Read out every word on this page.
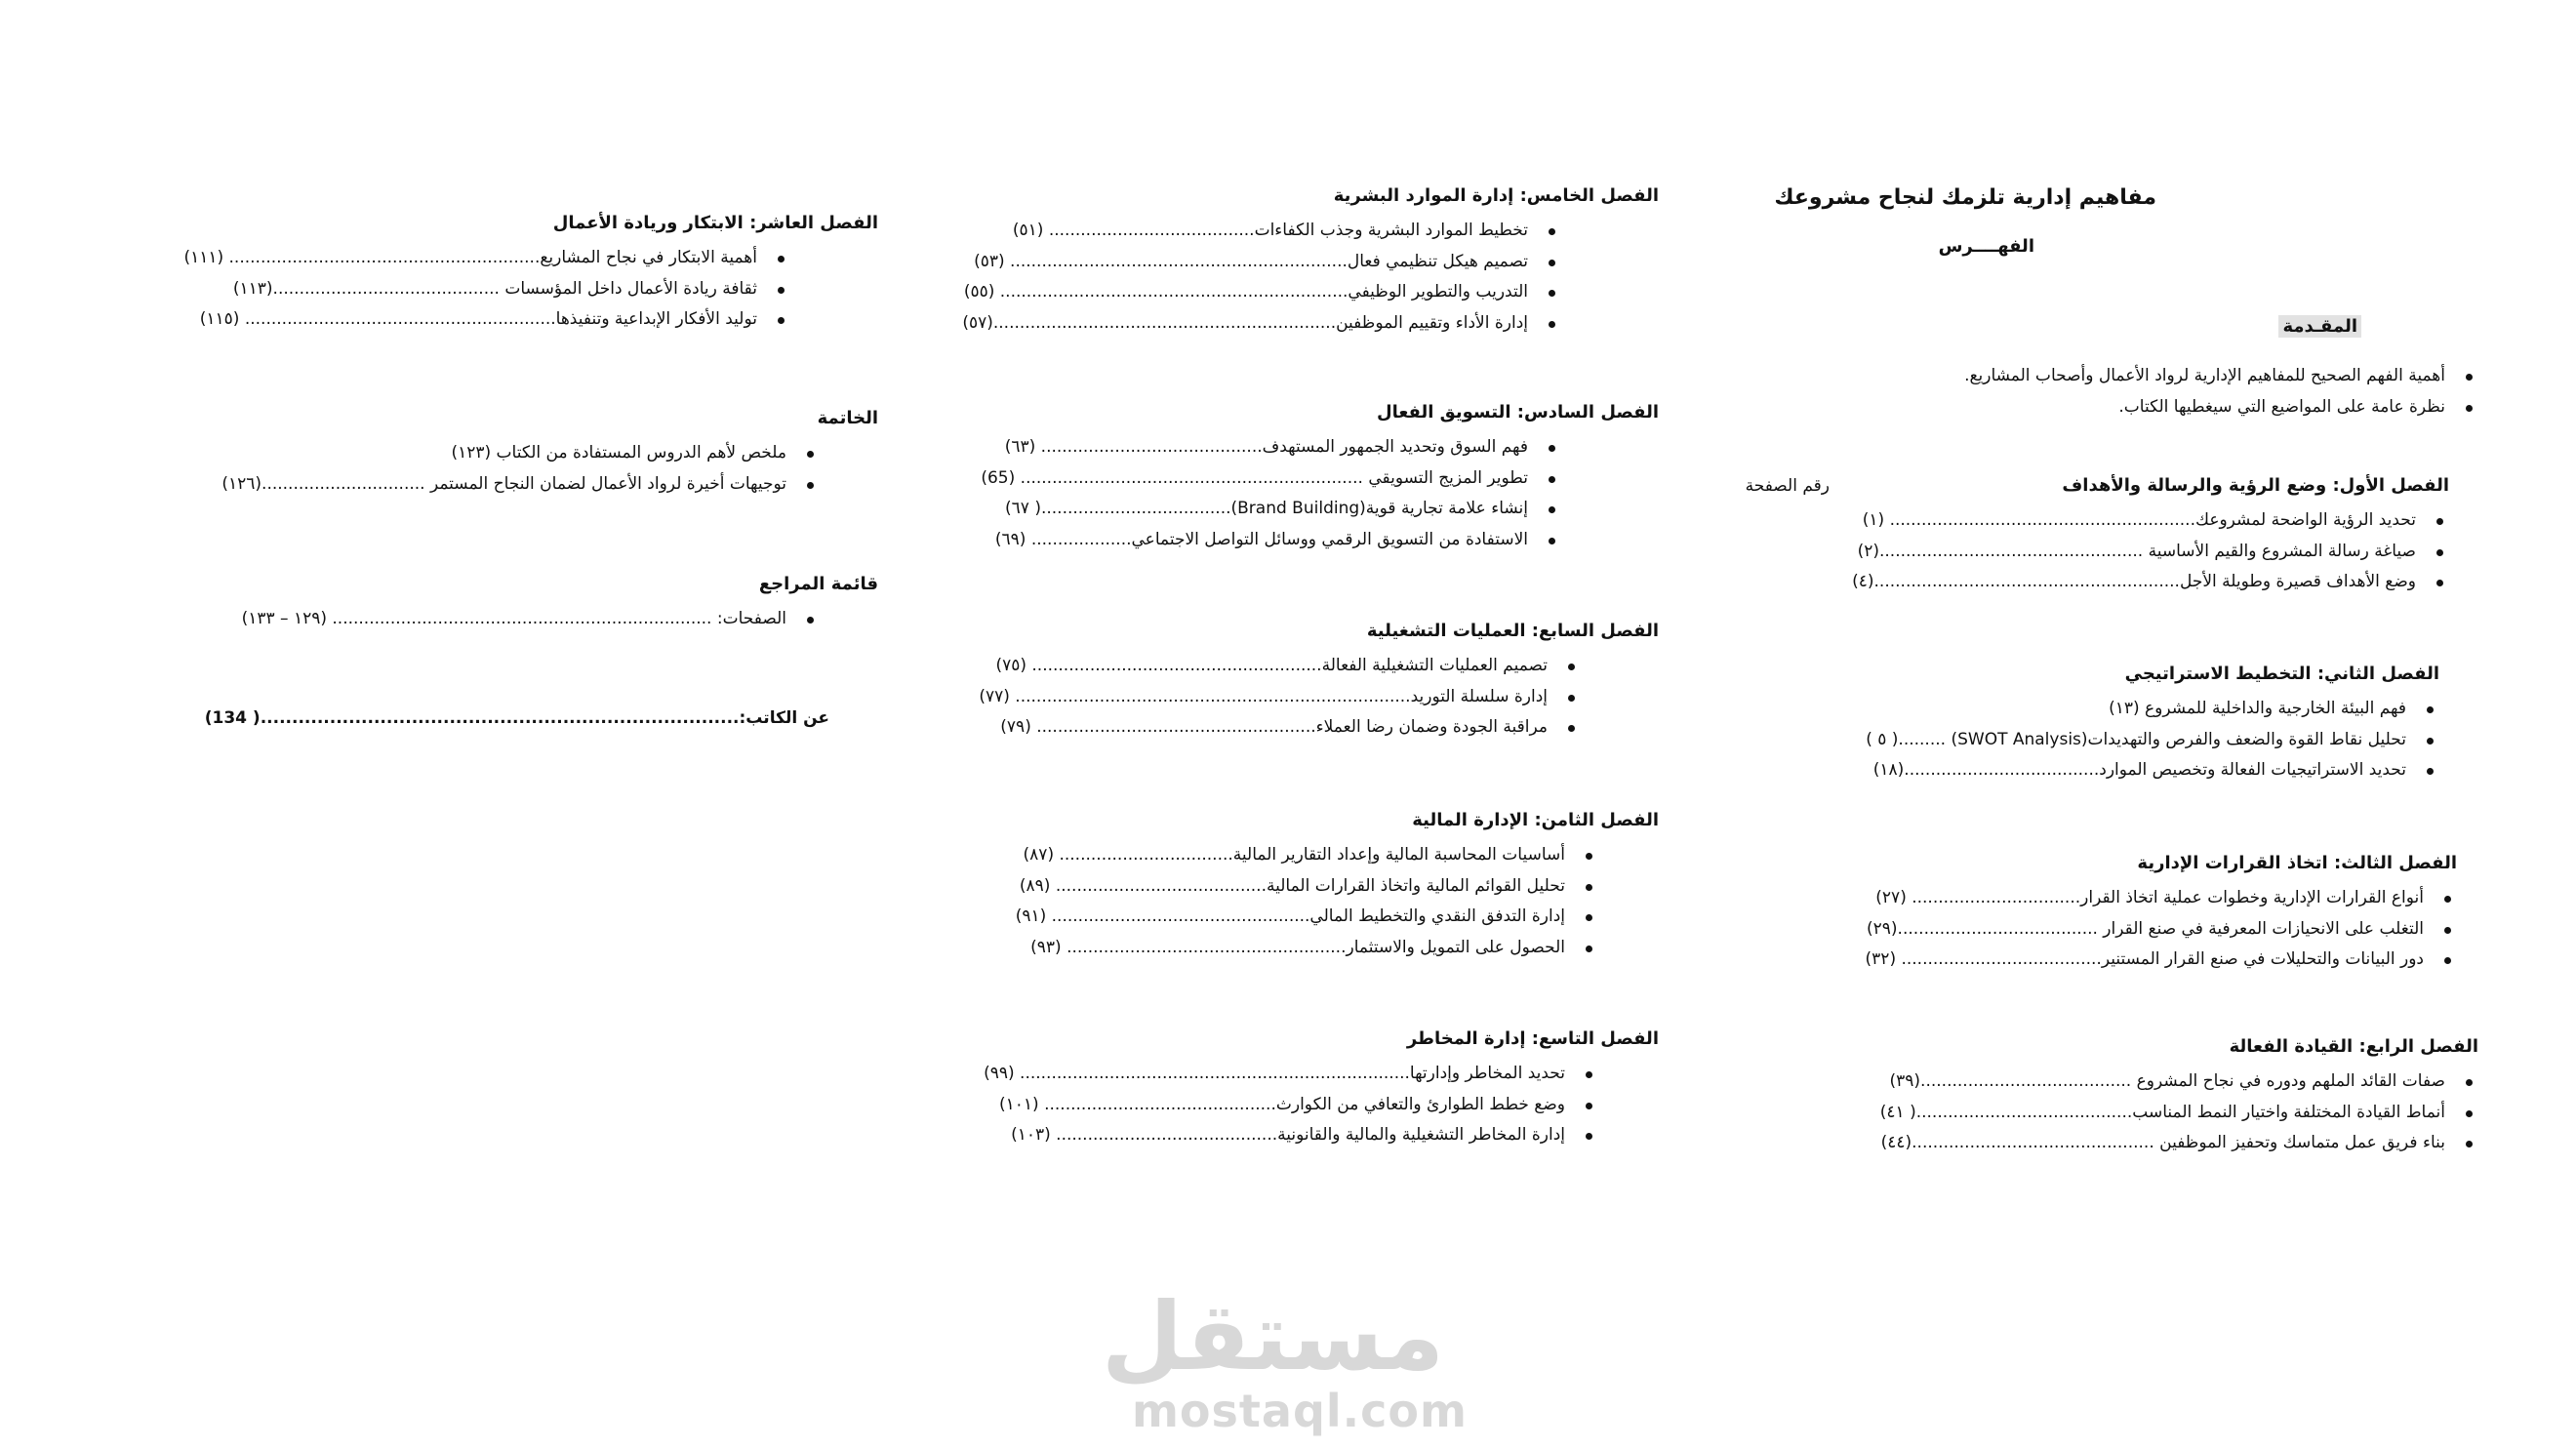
مفاهيم إدارية تلزمك لنجاح مشروعك
الفهــــرس
المقـدمة
أهمية الفهم الصحيح للمفاهيم الإدارية لرواد الأعمال وأصحاب المشاريع.
نظرة عامة على المواضيع التي سيغطيها الكتاب.
الفصل الأول: وضع الرؤية والرسالة والأهداف
تحديد الرؤية الواضحة لمشروعك.......................................................... (١)
صياغة رسالة المشروع والقيم الأساسية ..................................................(٢)
وضع الأهداف قصيرة وطويلة الأجل..........................................................(٤)
رقم الصفحة
الفصل الثاني: التخطيط الاستراتيجي
فهم البيئة الخارجية والداخلية للمشروع (١٣)
تحليل نقاط القوة والضعف والفرص والتهديدات(SWOT Analysis) .........( ٥ )
تحديد الاستراتيجيات الفعالة وتخصيص الموارد.....................................(١٨)
الفصل الثالث: اتخاذ القرارات الإدارية
أنواع القرارات الإدارية وخطوات عملية اتخاذ القرار................................ (٢٧)
التغلب على الانحيازات المعرفية في صنع القرار ......................................(٢٩)
دور البيانات والتحليلات في صنع القرار المستنير...................................... (٣٢)
الفصل الرابع: القيادة الفعالة
صفات القائد الملهم ودوره في نجاح المشروع ........................................(٣٩)
أنماط القيادة المختلفة واختيار النمط المناسب.........................................( ٤١)
بناء فريق عمل متماسك وتحفيز الموظفين ..............................................(٤٤)
الفصل الخامس: إدارة الموارد البشرية
تخطيط الموارد البشرية وجذب الكفاءات....................................... (٥١)
تصميم هيكل تنظيمي فعال................................................................ (٥٣)
التدريب والتطوير الوظيفي.................................................................. (٥٥)
إدارة الأداء وتقييم الموظفين.................................................................(٥٧)
الفصل السادس: التسويق الفعال
فهم السوق وتحديد الجمهور المستهدف.......................................... (٦٣)
تطوير المزيج التسويقي ................................................................. (65)
إنشاء علامة تجارية قوية(Brand Building)....................................( ٦٧)
الاستفادة من التسويق الرقمي ووسائل التواصل الاجتماعي................... (٦٩)
الفصل السابع: العمليات التشغيلية
تصميم العمليات التشغيلية الفعالة....................................................... (٧٥)
إدارة سلسلة التوريد........................................................................... (٧٧)
مراقبة الجودة وضمان رضا العملاء..................................................... (٧٩)
الفصل الثامن: الإدارة المالية
أساسيات المحاسبة المالية وإعداد التقارير المالية................................. (٨٧)
تحليل القوائم المالية واتخاذ القرارات المالية........................................ (٨٩)
إدارة التدفق النقدي والتخطيط المالي................................................. (٩١)
الحصول على التمويل والاستثمار..................................................... (٩٣)
الفصل التاسع: إدارة المخاطر
تحديد المخاطر وإدارتها.......................................................................... (٩٩)
وضع خطط الطوارئ والتعافي من الكوارث............................................ (١٠١)
إدارة المخاطر التشغيلية والمالية والقانونية.......................................... (١٠٣)
الفصل العاشر: الابتكار وريادة الأعمال
أهمية الابتكار في نجاح المشاريع........................................................... (١١١)
ثقافة ريادة الأعمال داخل المؤسسات ...........................................(١١٣)
توليد الأفكار الإبداعية وتنفيذها........................................................... (١١٥)
الخاتمة
ملخص لأهم الدروس المستفادة من الكتاب (١٢٣)
توجيهات أخيرة لرواد الأعمال لضمان النجاح المستمر ...............................(١٢٦)
قائمة المراجع
الصفحات: ........................................................................ (١٢٩ – ١٣٣)
عن الكاتب:............................................................................( 134)
مستقل
mostaql.com
